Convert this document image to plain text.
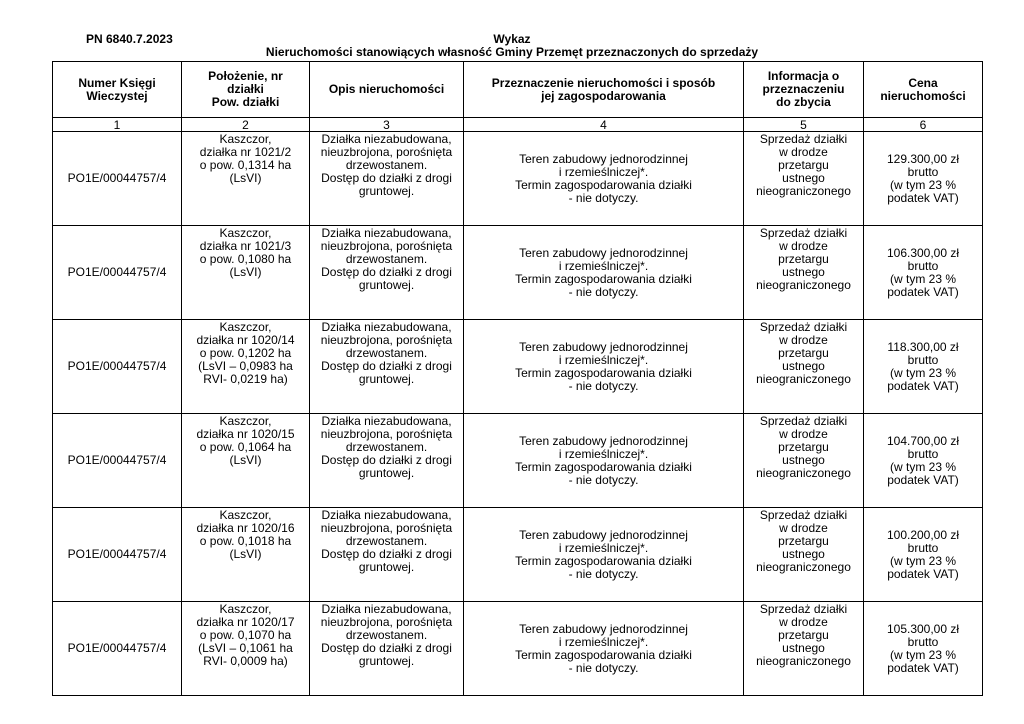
PN 6840.7.2023	Wykaz
Nieruchomości stanowiących własność Gminy Przemęt przeznaczonych do sprzedaży
Numer Księgi
Wieczystej	Położenie, nr
działki
Pow. działki	Opis nieruchomości	Przeznaczenie nieruchomości i sposób
jej zagospodarowania	Informacja o
przeznaczeniu
do zbycia	Cena
nieruchomości

1	2	3	4	5	6
PO1E/00044757/4	Kaszczor,
działka nr 1021/2
o pow. 0,1314 ha
(LsVI)	Działka niezabudowana,
nieuzbrojona, porośnięta
drzewostanem.
Dostęp do działki z drogi
gruntowej.	Teren zabudowy jednorodzinnej
i rzemieślniczej*.
Termin zagospodarowania działki
- nie dotyczy.	Sprzedaż działki
w drodze
przetargu
ustnego
nieograniczonego	129.300,00 zł
brutto
(w tym 23 %
podatek VAT)

PO1E/00044757/4	Kaszczor,
działka nr 1021/3
o pow. 0,1080 ha
(LsVI)	Działka niezabudowana,
nieuzbrojona, porośnięta
drzewostanem.
Dostęp do działki z drogi
gruntowej.	Teren zabudowy jednorodzinnej
i rzemieślniczej*.
Termin zagospodarowania działki
- nie dotyczy.	Sprzedaż działki
w drodze
przetargu
ustnego
nieograniczonego	106.300,00 zł
brutto
(w tym 23 %
podatek VAT)

PO1E/00044757/4	Kaszczor,
działka nr 1020/14
o pow. 0,1202 ha
(LsVI – 0,0983 ha
RVI- 0,0219 ha)	Działka niezabudowana,
nieuzbrojona, porośnięta
drzewostanem.
Dostęp do działki z drogi
gruntowej.	Teren zabudowy jednorodzinnej
i rzemieślniczej*.
Termin zagospodarowania działki
- nie dotyczy.	Sprzedaż działki
w drodze
przetargu
ustnego
nieograniczonego	118.300,00 zł
brutto
(w tym 23 %
podatek VAT)

PO1E/00044757/4	Kaszczor,
działka nr 1020/15
o pow. 0,1064 ha
(LsVI)	Działka niezabudowana,
nieuzbrojona, porośnięta
drzewostanem.
Dostęp do działki z drogi
gruntowej.	Teren zabudowy jednorodzinnej
i rzemieślniczej*.
Termin zagospodarowania działki
- nie dotyczy.	Sprzedaż działki
w drodze
przetargu
ustnego
nieograniczonego	104.700,00 zł
brutto
(w tym 23 %
podatek VAT)

PO1E/00044757/4	Kaszczor,
działka nr 1020/16
o pow. 0,1018 ha
(LsVI)	Działka niezabudowana,
nieuzbrojona, porośnięta
drzewostanem.
Dostęp do działki z drogi
gruntowej.	Teren zabudowy jednorodzinnej
i rzemieślniczej*.
Termin zagospodarowania działki
- nie dotyczy.	Sprzedaż działki
w drodze
przetargu
ustnego
nieograniczonego	100.200,00 zł
brutto
(w tym 23 %
podatek VAT)

PO1E/00044757/4	Kaszczor,
działka nr 1020/17
o pow. 0,1070 ha
(LsVI – 0,1061 ha
RVI- 0,0009 ha)	Działka niezabudowana,
nieuzbrojona, porośnięta
drzewostanem.
Dostęp do działki z drogi
gruntowej.	Teren zabudowy jednorodzinnej
i rzemieślniczej*.
Termin zagospodarowania działki
- nie dotyczy.	Sprzedaż działki
w drodze
przetargu
ustnego
nieograniczonego	105.300,00 zł
brutto
(w tym 23 %
podatek VAT)
